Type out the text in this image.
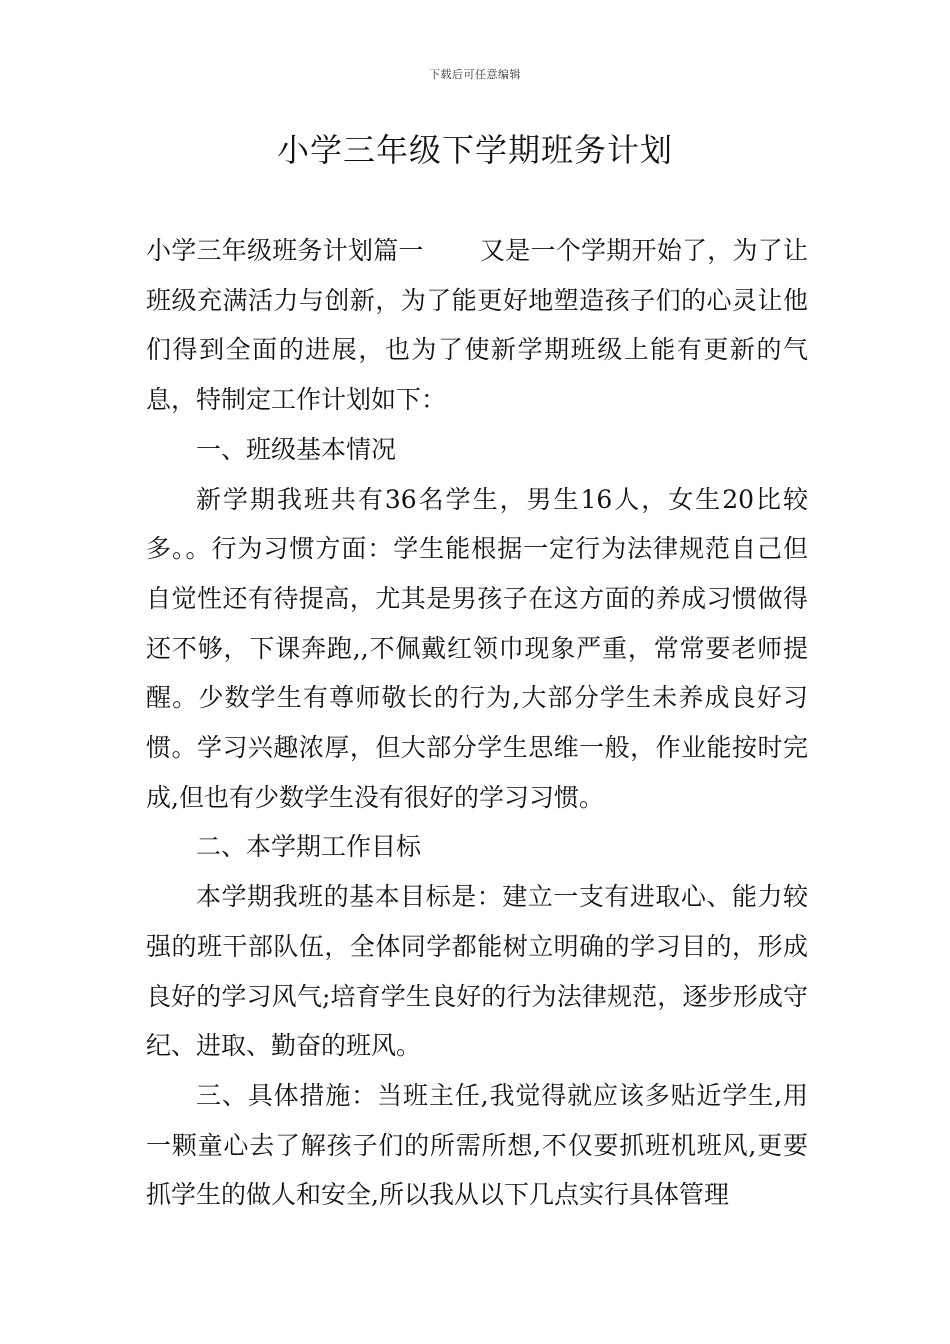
下载后可任意编辑
小学三年级下学期班务计划

小学三年级班务计划篇一 又是一个学期开始了，为了让班级充满活力与创新，为了能更好地塑造孩子们的心灵让他们得到全面的进展，也为了使新学期班级上能有更新的气息，特制定工作计划如下：

一、班级基本情况

新学期我班共有36名学生，男生16人，女生20比较多。。行为习惯方面：学生能根据一定行为法律规范自己但自觉性还有待提高，尤其是男孩子在这方面的养成习惯做得还不够，下课奔跑,,不佩戴红领巾现象严重，常常要老师提醒。少数学生有尊师敬长的行为,大部分学生未养成良好习惯。学习兴趣浓厚，但大部分学生思维一般，作业能按时完成,但也有少数学生没有很好的学习习惯。

二、本学期工作目标

本学期我班的基本目标是：建立一支有进取心、能力较强的班干部队伍，全体同学都能树立明确的学习目的，形成良好的学习风气;培育学生良好的行为法律规范，逐步形成守纪、进取、勤奋的班风。

三、具体措施：当班主任,我觉得就应该多贴近学生,用一颗童心去了解孩子们的所需所想,不仅要抓班机班风,更要抓学生的做人和安全,所以我从以下几点实行具体管理
